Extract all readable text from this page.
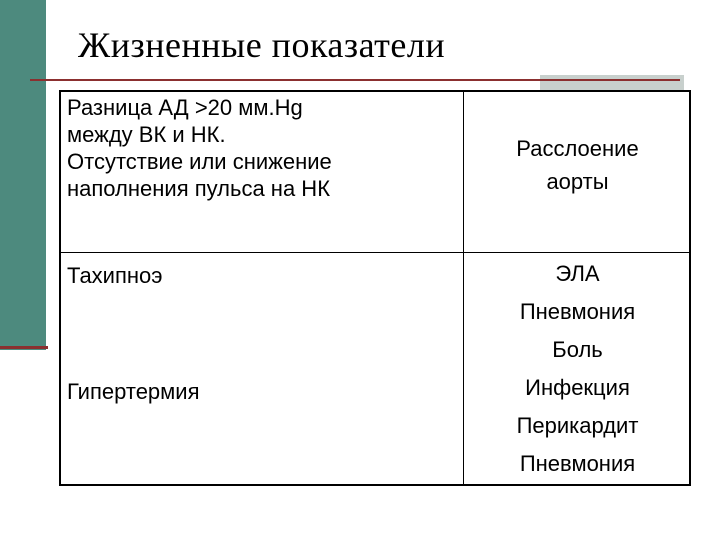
Жизненные показатели

Разница АД >20 мм.Hg

между ВК и НК.

Отсутствие или снижение

наполнения пульса на НК

Расслоение

аорты

Тахипноэ

Гипертермия

ЭЛА

Пневмония

Боль

Инфекция

Перикардит

Пневмония
